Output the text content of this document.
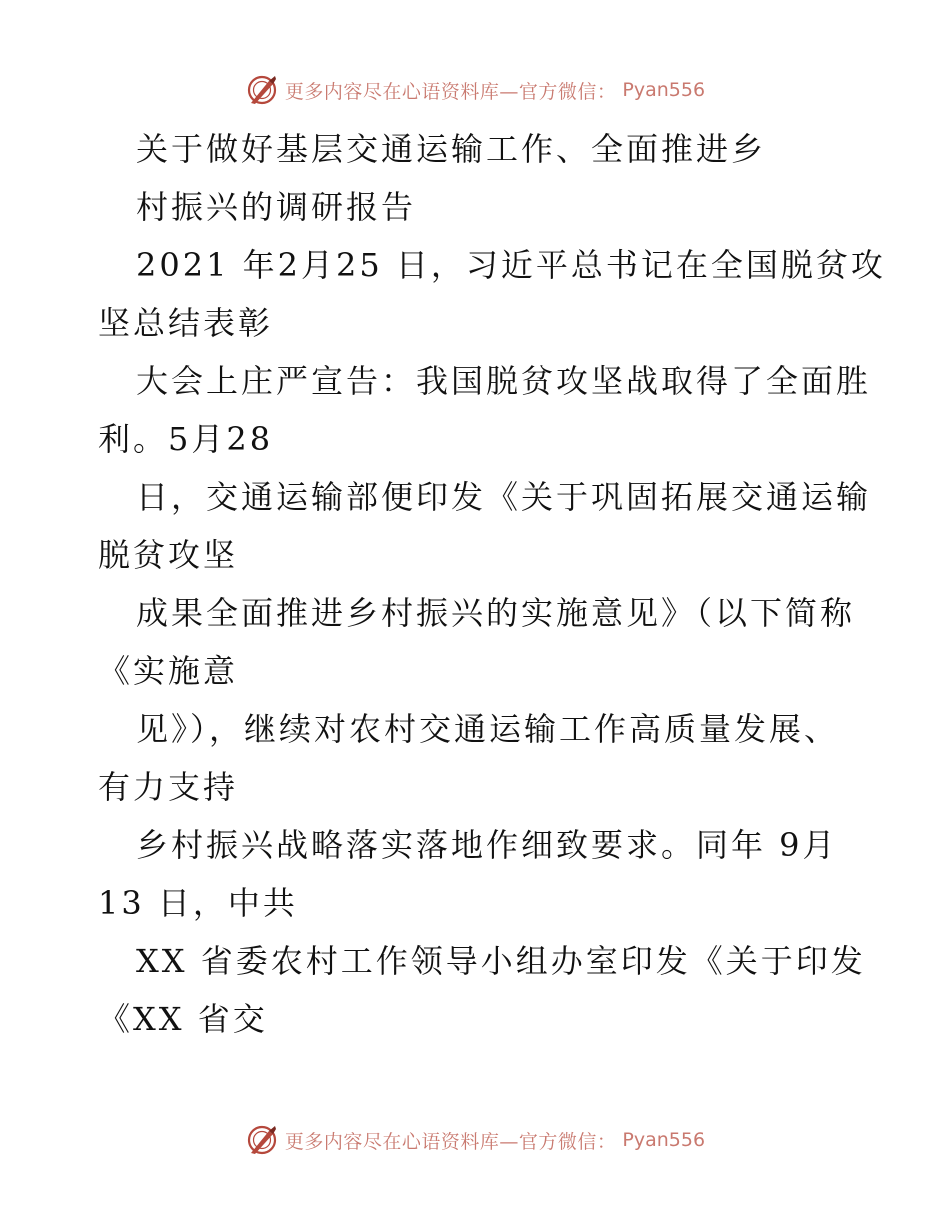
更多内容尽在心语资料库—官方微信： Pyan556
关于做好基层交通运输工作、全面推进乡
村振兴的调研报告
2021 年2月25 日，习近平总书记在全国脱贫攻
坚总结表彰
大会上庄严宣告：我国脱贫攻坚战取得了全面胜
利。5月28
日，交通运输部便印发《关于巩固拓展交通运输
脱贫攻坚
成果全面推进乡村振兴的实施意见》（以下简称
《实施意
见》），继续对农村交通运输工作高质量发展、
有力支持
乡村振兴战略落实落地作细致要求。同年 9月
13 日，中共
XX 省委农村工作领导小组办室印发《关于印发
《XX 省交
更多内容尽在心语资料库—官方微信： Pyan556
